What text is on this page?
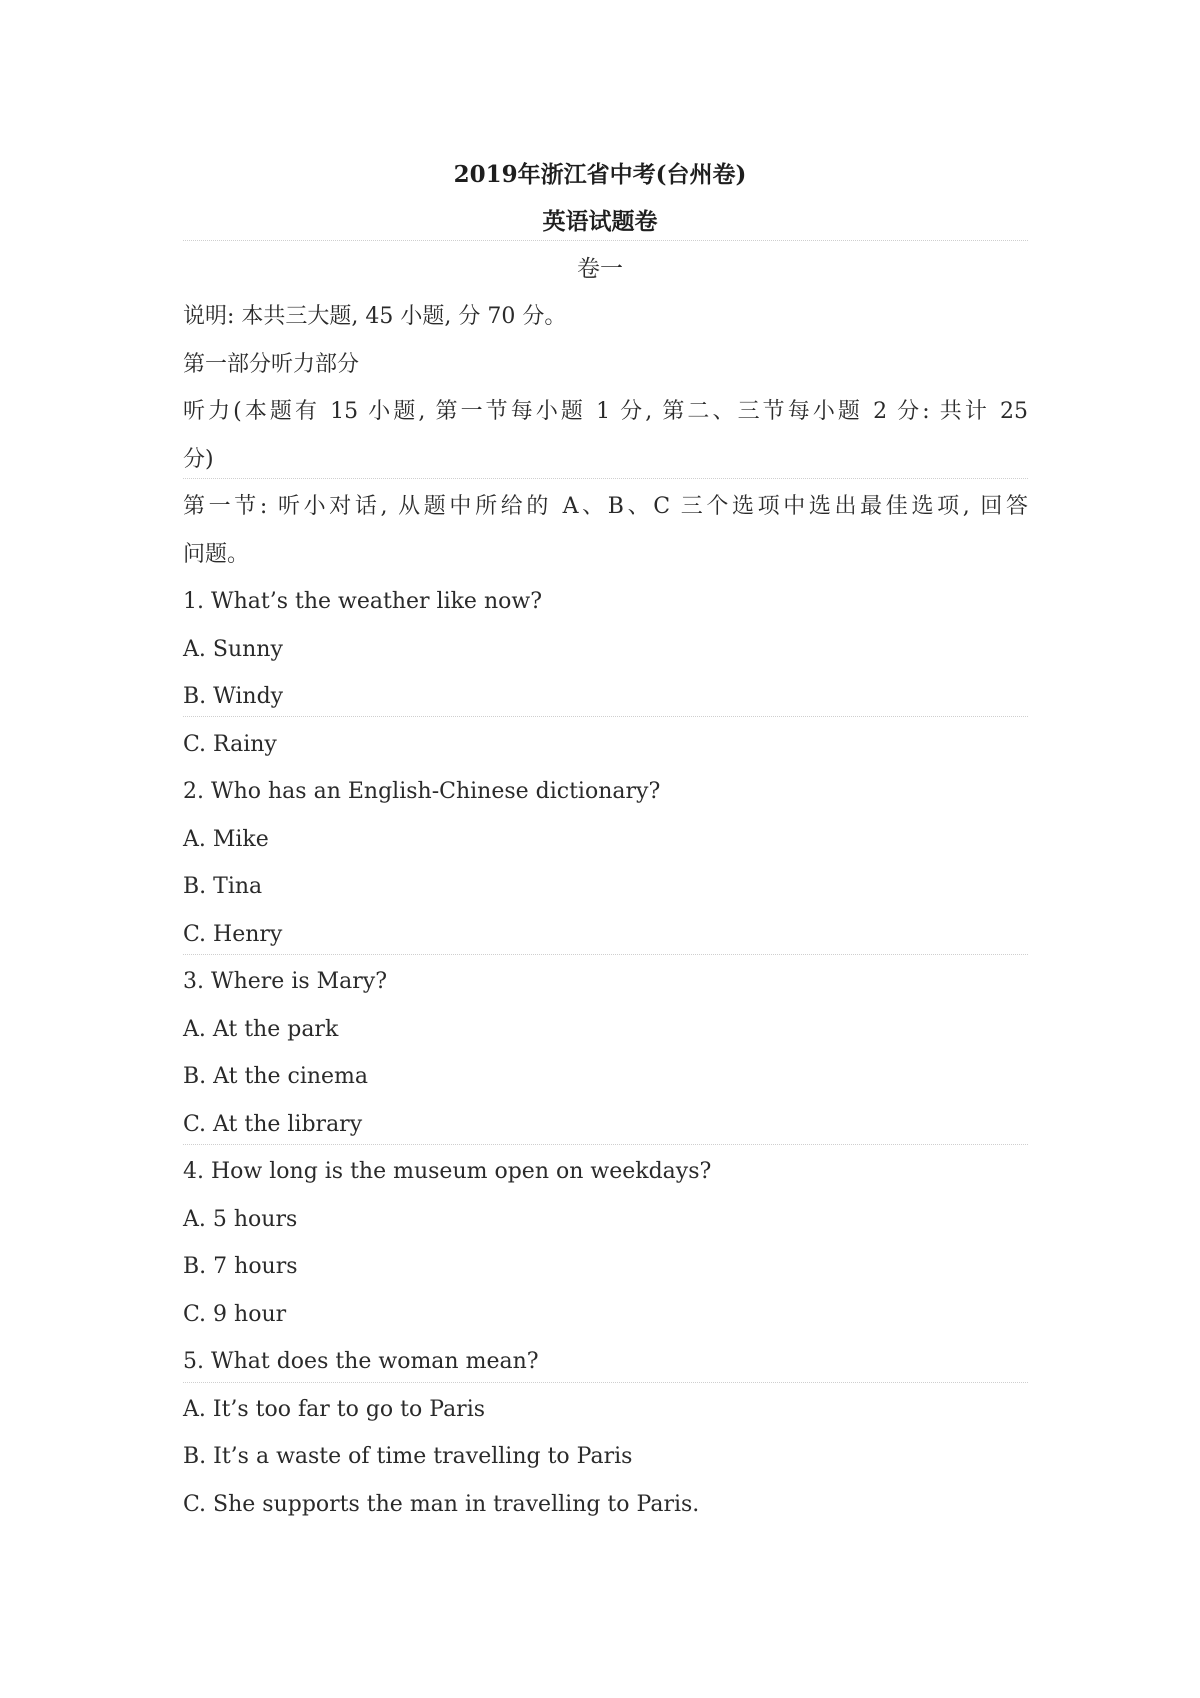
2019年浙江省中考(台州卷)
英语试题卷
卷一
说明: 本共三大题, 45 小题, 分 70 分。
第一部分听力部分
听力(本题有 15 小题, 第一节每小题 1 分, 第二、三节每小题 2 分: 共计 25
分)
第一节: 听小对话, 从题中所给的 A、B、C 三个选项中选出最佳选项, 回答
问题。
1. What’s the weather like now?
A. Sunny
B. Windy
C. Rainy
2. Who has an English-Chinese dictionary?
A. Mike
B. Tina
C. Henry
3. Where is Mary?
A. At the park
B. At the cinema
C. At the library
4. How long is the museum open on weekdays?
A. 5 hours
B. 7 hours
C. 9 hour
5. What does the woman mean?
A. It’s too far to go to Paris
B. It’s a waste of time travelling to Paris
C. She supports the man in travelling to Paris.
